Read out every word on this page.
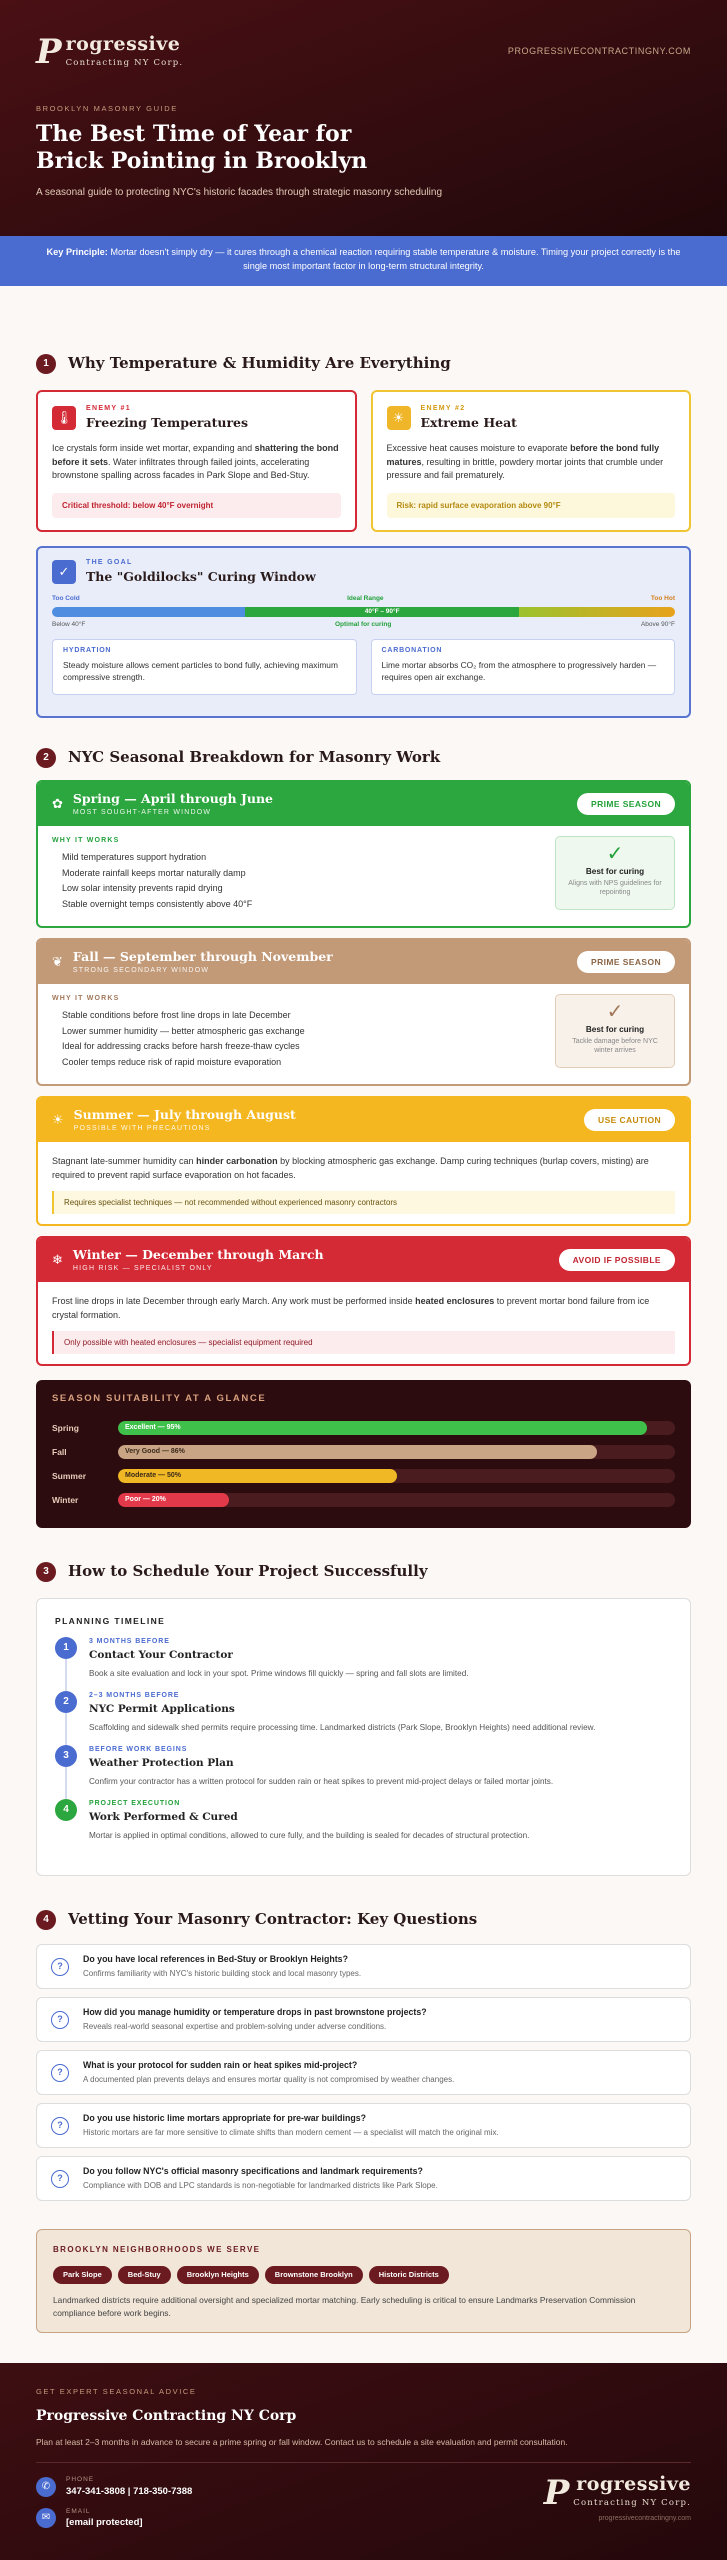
P rogressive
Contracting NY Corp.
PROGRESSIVECONTRACTINGNY.COM
BROOKLYN MASONRY GUIDE
The Best Time of Year for Brick Pointing in Brooklyn
A seasonal guide to protecting NYC's historic facades through strategic masonry scheduling
Key Principle: Mortar doesn't simply dry — it cures through a chemical reaction requiring stable temperature & moisture. Timing your project correctly is the single most important factor in long-term structural integrity.
1	Why Temperature & Humidity Are Everything
🌡
ENEMY #1
Freezing Temperatures
Ice crystals form inside wet mortar, expanding and shattering the bond before it sets. Water infiltrates through failed joints, accelerating brownstone spalling across facades in Park Slope and Bed-Stuy.
Critical threshold: below 40°F overnight
☀
ENEMY #2
Extreme Heat
Excessive heat causes moisture to evaporate before the bond fully matures, resulting in brittle, powdery mortar joints that crumble under pressure and fail prematurely.
Risk: rapid surface evaporation above 90°F
✓
THE GOAL
The "Goldilocks" Curing Window
Too Cold	Ideal Range	Too Hot
40°F – 90°F
Below 40°F	Optimal for curing	Above 90°F
HYDRATION
Steady moisture allows cement particles to bond fully, achieving maximum compressive strength.
CARBONATION
Lime mortar absorbs CO₂ from the atmosphere to progressively harden — requires open air exchange.
2	NYC Seasonal Breakdown for Masonry Work
✿ Spring — April through June
MOST SOUGHT-AFTER WINDOW
PRIME SEASON
WHY IT WORKS
Mild temperatures support hydration
Moderate rainfall keeps mortar naturally damp
Low solar intensity prevents rapid drying
Stable overnight temps consistently above 40°F
✓
Best for curing
Aligns with NPS guidelines for repointing
❦ Fall — September through November
STRONG SECONDARY WINDOW
PRIME SEASON
WHY IT WORKS
Stable conditions before frost line drops in late December
Lower summer humidity — better atmospheric gas exchange
Ideal for addressing cracks before harsh freeze-thaw cycles
Cooler temps reduce risk of rapid moisture evaporation
✓
Best for curing
Tackle damage before NYC winter arrives
☀ Summer — July through August
POSSIBLE WITH PRECAUTIONS
USE CAUTION
Stagnant late-summer humidity can hinder carbonation by blocking atmospheric gas exchange. Damp curing techniques (burlap covers, misting) are required to prevent rapid surface evaporation on hot facades.
Requires specialist techniques — not recommended without experienced masonry contractors
❄ Winter — December through March
HIGH RISK — SPECIALIST ONLY
AVOID IF POSSIBLE
Frost line drops in late December through early March. Any work must be performed inside heated enclosures to prevent mortar bond failure from ice crystal formation.
Only possible with heated enclosures — specialist equipment required
SEASON SUITABILITY AT A GLANCE
Spring	Excellent — 95%
Fall	Very Good — 86%
Summer	Moderate — 50%
Winter	Poor — 20%
3	How to Schedule Your Project Successfully
PLANNING TIMELINE
1
3 MONTHS BEFORE
Contact Your Contractor
Book a site evaluation and lock in your spot. Prime windows fill quickly — spring and fall slots are limited.
2
2–3 MONTHS BEFORE
NYC Permit Applications
Scaffolding and sidewalk shed permits require processing time. Landmarked districts (Park Slope, Brooklyn Heights) need additional review.
3
BEFORE WORK BEGINS
Weather Protection Plan
Confirm your contractor has a written protocol for sudden rain or heat spikes to prevent mid-project delays or failed mortar joints.
4
PROJECT EXECUTION
Work Performed & Cured
Mortar is applied in optimal conditions, allowed to cure fully, and the building is sealed for decades of structural protection.
4	Vetting Your Masonry Contractor: Key Questions
?
Do you have local references in Bed-Stuy or Brooklyn Heights?
Confirms familiarity with NYC's historic building stock and local masonry types.
?
How did you manage humidity or temperature drops in past brownstone projects?
Reveals real-world seasonal expertise and problem-solving under adverse conditions.
?
What is your protocol for sudden rain or heat spikes mid-project?
A documented plan prevents delays and ensures mortar quality is not compromised by weather changes.
?
Do you use historic lime mortars appropriate for pre-war buildings?
Historic mortars are far more sensitive to climate shifts than modern cement — a specialist will match the original mix.
?
Do you follow NYC's official masonry specifications and landmark requirements?
Compliance with DOB and LPC standards is non-negotiable for landmarked districts like Park Slope.
BROOKLYN NEIGHBORHOODS WE SERVE
Park Slope	Bed-Stuy	Brooklyn Heights	Brownstone Brooklyn	Historic Districts
Landmarked districts require additional oversight and specialized mortar matching. Early scheduling is critical to ensure Landmarks Preservation Commission compliance before work begins.
GET EXPERT SEASONAL ADVICE
Progressive Contracting NY Corp
Plan at least 2–3 months in advance to secure a prime spring or fall window. Contact us to schedule a site evaluation and permit consultation.
✆
PHONE
347-341-3808 | 718-350-7388
✉
EMAIL
[email protected]
P rogressive
Contracting NY Corp.
progressivecontractingny.com
